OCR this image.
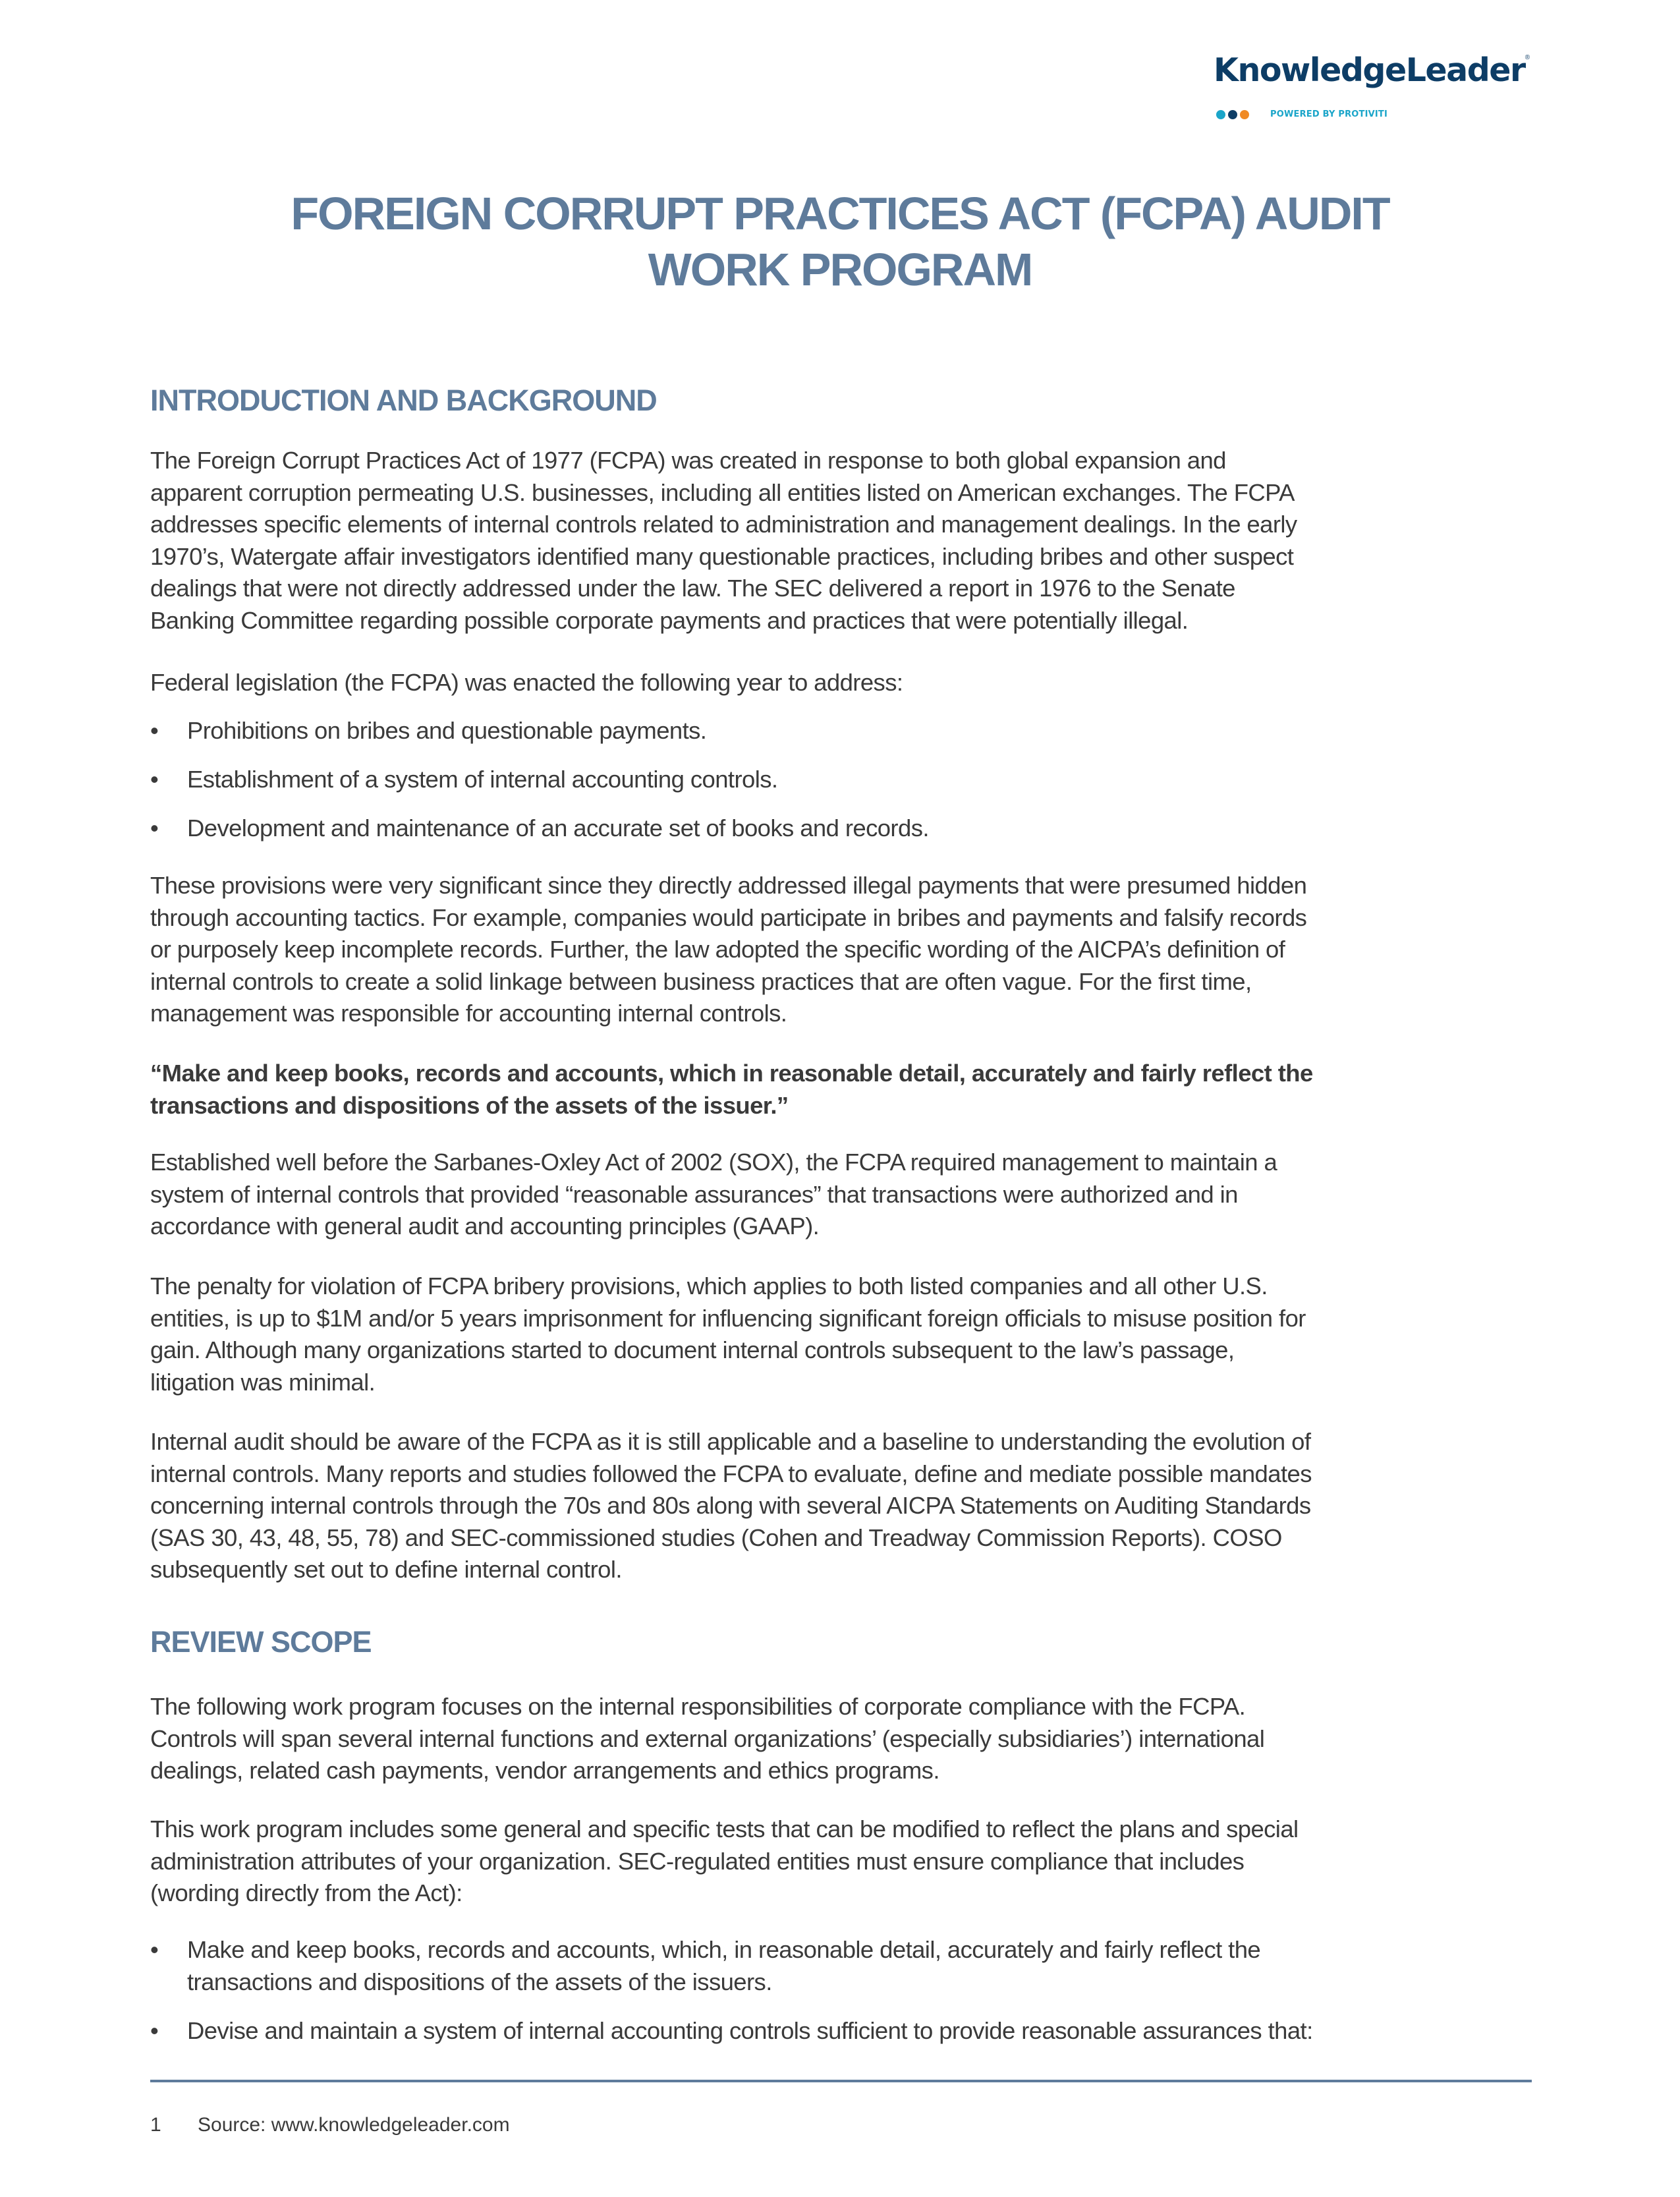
KnowledgeLeader®
POWERED BY PROTIVITI
FOREIGN CORRUPT PRACTICES ACT (FCPA) AUDIT
WORK PROGRAM
INTRODUCTION AND BACKGROUND
The Foreign Corrupt Practices Act of 1977 (FCPA) was created in response to both global expansion and
apparent corruption permeating U.S. businesses, including all entities listed on American exchanges. The FCPA
addresses specific elements of internal controls related to administration and management dealings. In the early
1970’s, Watergate affair investigators identified many questionable practices, including bribes and other suspect
dealings that were not directly addressed under the law. The SEC delivered a report in 1976 to the Senate
Banking Committee regarding possible corporate payments and practices that were potentially illegal.
Federal legislation (the FCPA) was enacted the following year to address:
• Prohibitions on bribes and questionable payments.
• Establishment of a system of internal accounting controls.
• Development and maintenance of an accurate set of books and records.
These provisions were very significant since they directly addressed illegal payments that were presumed hidden
through accounting tactics. For example, companies would participate in bribes and payments and falsify records
or purposely keep incomplete records. Further, the law adopted the specific wording of the AICPA’s definition of
internal controls to create a solid linkage between business practices that are often vague. For the first time,
management was responsible for accounting internal controls.
“Make and keep books, records and accounts, which in reasonable detail, accurately and fairly reflect the
transactions and dispositions of the assets of the issuer.”
Established well before the Sarbanes-Oxley Act of 2002 (SOX), the FCPA required management to maintain a
system of internal controls that provided “reasonable assurances” that transactions were authorized and in
accordance with general audit and accounting principles (GAAP).
The penalty for violation of FCPA bribery provisions, which applies to both listed companies and all other U.S.
entities, is up to $1M and/or 5 years imprisonment for influencing significant foreign officials to misuse position for
gain. Although many organizations started to document internal controls subsequent to the law’s passage,
litigation was minimal.
Internal audit should be aware of the FCPA as it is still applicable and a baseline to understanding the evolution of
internal controls. Many reports and studies followed the FCPA to evaluate, define and mediate possible mandates
concerning internal controls through the 70s and 80s along with several AICPA Statements on Auditing Standards
(SAS 30, 43, 48, 55, 78) and SEC-commissioned studies (Cohen and Treadway Commission Reports). COSO
subsequently set out to define internal control.
REVIEW SCOPE
The following work program focuses on the internal responsibilities of corporate compliance with the FCPA.
Controls will span several internal functions and external organizations’ (especially subsidiaries’) international
dealings, related cash payments, vendor arrangements and ethics programs.
This work program includes some general and specific tests that can be modified to reflect the plans and special
administration attributes of your organization. SEC-regulated entities must ensure compliance that includes
(wording directly from the Act):
• Make and keep books, records and accounts, which, in reasonable detail, accurately and fairly reflect the
transactions and dispositions of the assets of the issuers.
• Devise and maintain a system of internal accounting controls sufficient to provide reasonable assurances that:
1	Source: www.knowledgeleader.com
